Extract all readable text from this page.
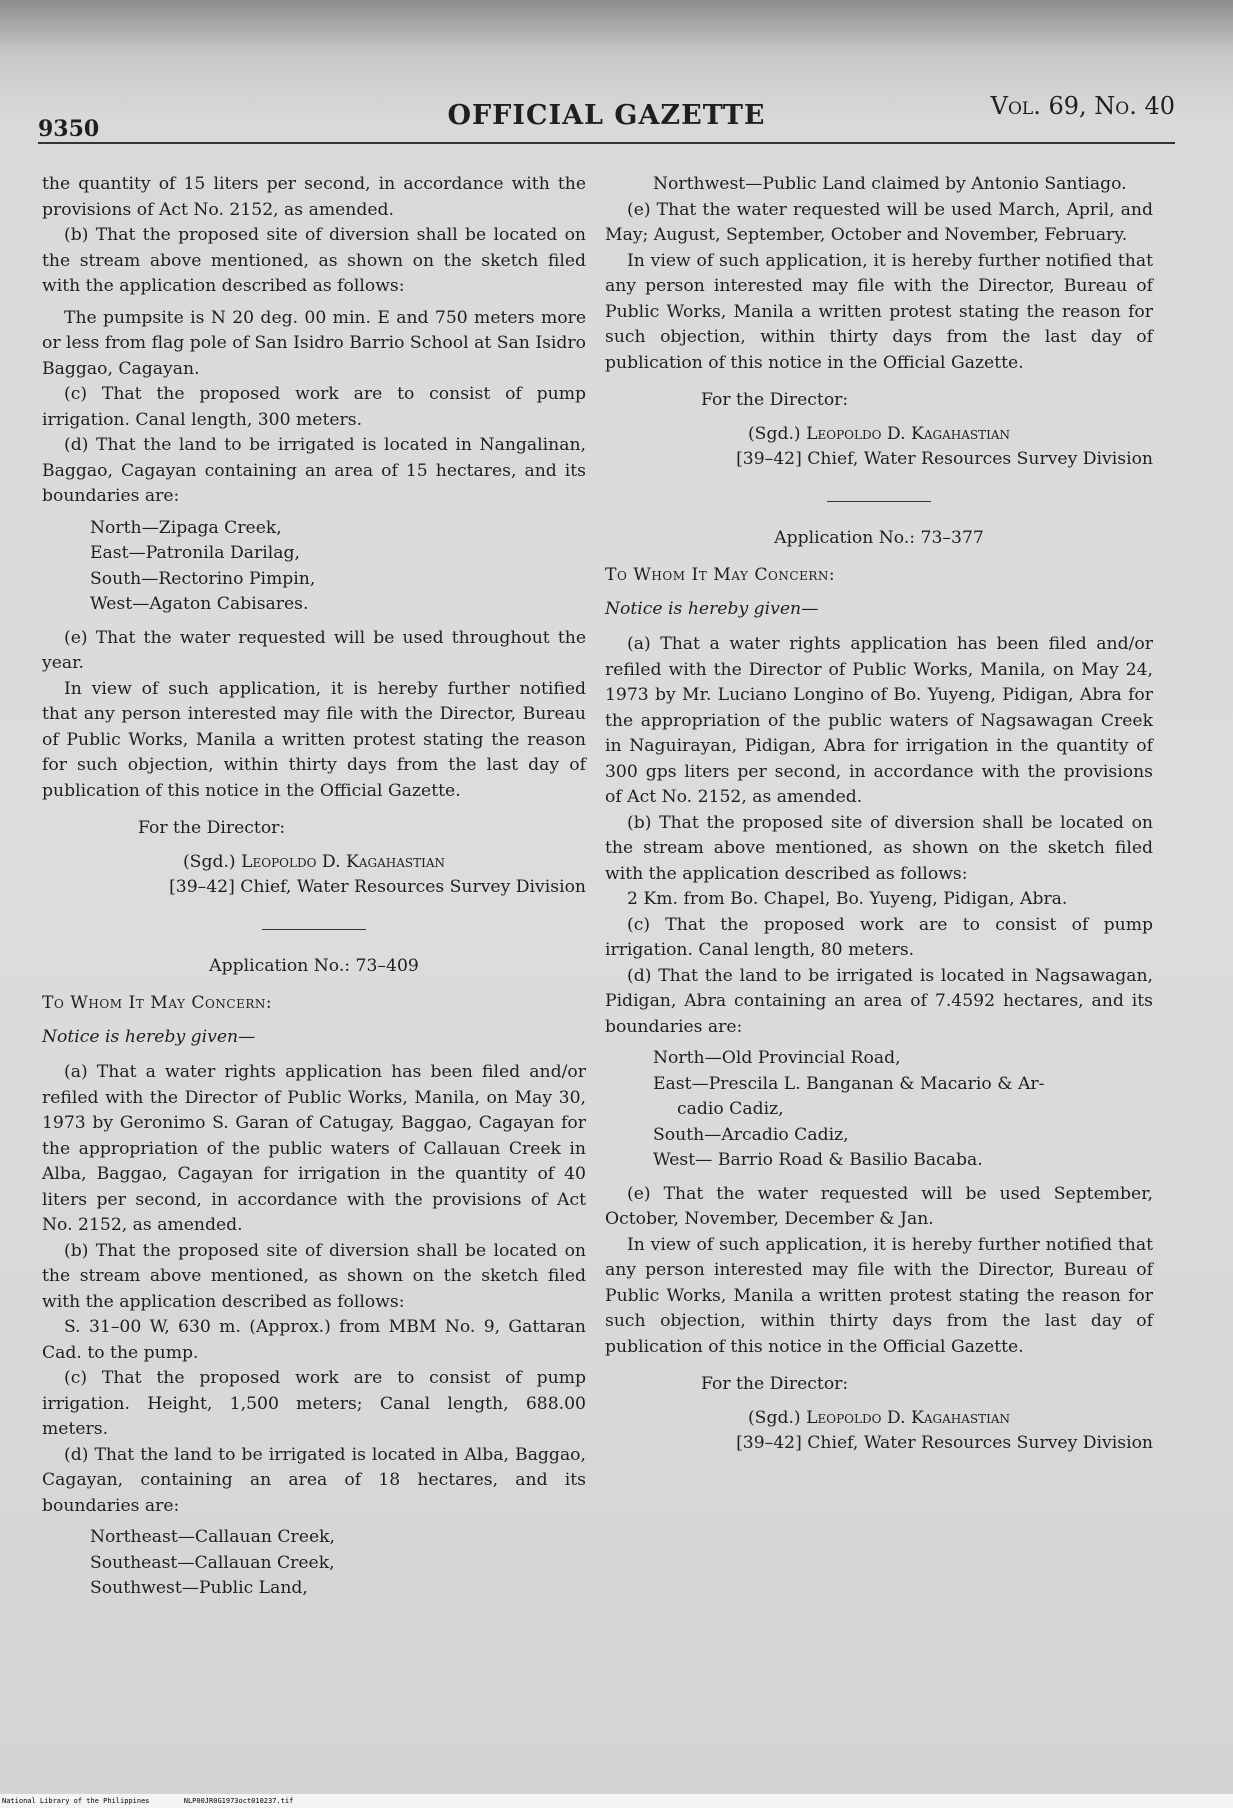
9350	OFFICIAL GAZETTE	Vol. 69, No. 40

the quantity of 15 liters per second, in accordance with the provisions of Act No. 2152, as amended.

(b) That the proposed site of diversion shall be located on the stream above mentioned, as shown on the sketch filed with the application described as follows:

The pumpsite is N 20 deg. 00 min. E and 750 meters more or less from flag pole of San Isidro Barrio School at San Isidro Baggao, Cagayan.

(c) That the proposed work are to consist of pump irrigation. Canal length, 300 meters.

(d) That the land to be irrigated is located in Nangalinan, Baggao, Cagayan containing an area of 15 hectares, and its boundaries are:

North—Zipaga Creek,
East—Patronila Darilag,
South—Rectorino Pimpin,
West—Agaton Cabisares.

(e) That the water requested will be used throughout the year.

In view of such application, it is hereby further notified that any person interested may file with the Director, Bureau of Public Works, Manila a written protest stating the reason for such objection, within thirty days from the last day of publication of this notice in the Official Gazette.

For the Director:
(Sgd.) Leopoldo D. Kagahastian
[39–42] Chief, Water Resources Survey Division
Application No.: 73–409
To Whom It May Concern:
Notice is hereby given—

(a) That a water rights application has been filed and/or refiled with the Director of Public Works, Manila, on May 30, 1973 by Geronimo S. Garan of Catugay, Baggao, Cagayan for the appropriation of the public waters of Callauan Creek in Alba, Baggao, Cagayan for irrigation in the quantity of 40 liters per second, in accordance with the provisions of Act No. 2152, as amended.

(b) That the proposed site of diversion shall be located on the stream above mentioned, as shown on the sketch filed with the application described as follows:

S. 31–00 W, 630 m. (Approx.) from MBM No. 9, Gattaran Cad. to the pump.

(c) That the proposed work are to consist of pump irrigation. Height, 1,500 meters; Canal length, 688.00 meters.

(d) That the land to be irrigated is located in Alba, Baggao, Cagayan, containing an area of 18 hectares, and its boundaries are:

Northeast—Callauan Creek,
Southeast—Callauan Creek,
Southwest—Public Land,

Northwest—Public Land claimed by Antonio Santiago.

(e) That the water requested will be used March, April, and May; August, September, October and November, February.

In view of such application, it is hereby further notified that any person interested may file with the Director, Bureau of Public Works, Manila a written protest stating the reason for such objection, within thirty days from the last day of publication of this notice in the Official Gazette.

For the Director:
(Sgd.) Leopoldo D. Kagahastian
[39–42] Chief, Water Resources Survey Division
Application No.: 73–377
To Whom It May Concern:
Notice is hereby given—

(a) That a water rights application has been filed and/or refiled with the Director of Public Works, Manila, on May 24, 1973 by Mr. Luciano Longino of Bo. Yuyeng, Pidigan, Abra for the appropriation of the public waters of Nagsawagan Creek in Naguirayan, Pidigan, Abra for irrigation in the quantity of 300 gps liters per second, in accordance with the provisions of Act No. 2152, as amended.

(b) That the proposed site of diversion shall be located on the stream above mentioned, as shown on the sketch filed with the application described as follows:

2 Km. from Bo. Chapel, Bo. Yuyeng, Pidigan, Abra.

(c) That the proposed work are to consist of pump irrigation. Canal length, 80 meters.

(d) That the land to be irrigated is located in Nagsawagan, Pidigan, Abra containing an area of 7.4592 hectares, and its boundaries are:

North—Old Provincial Road,
East—Prescila L. Banganan & Macario & Ar-
cadio Cadiz,
South—Arcadio Cadiz,
West— Barrio Road & Basilio Bacaba.

(e) That the water requested will be used September, October, November, December & Jan.

In view of such application, it is hereby further notified that any person interested may file with the Director, Bureau of Public Works, Manila a written protest stating the reason for such objection, within thirty days from the last day of publication of this notice in the Official Gazette.

For the Director:
(Sgd.) Leopoldo D. Kagahastian
[39–42] Chief, Water Resources Survey Division
National Library of the Philippines	NLP00JR0G1973oct010237.tif
